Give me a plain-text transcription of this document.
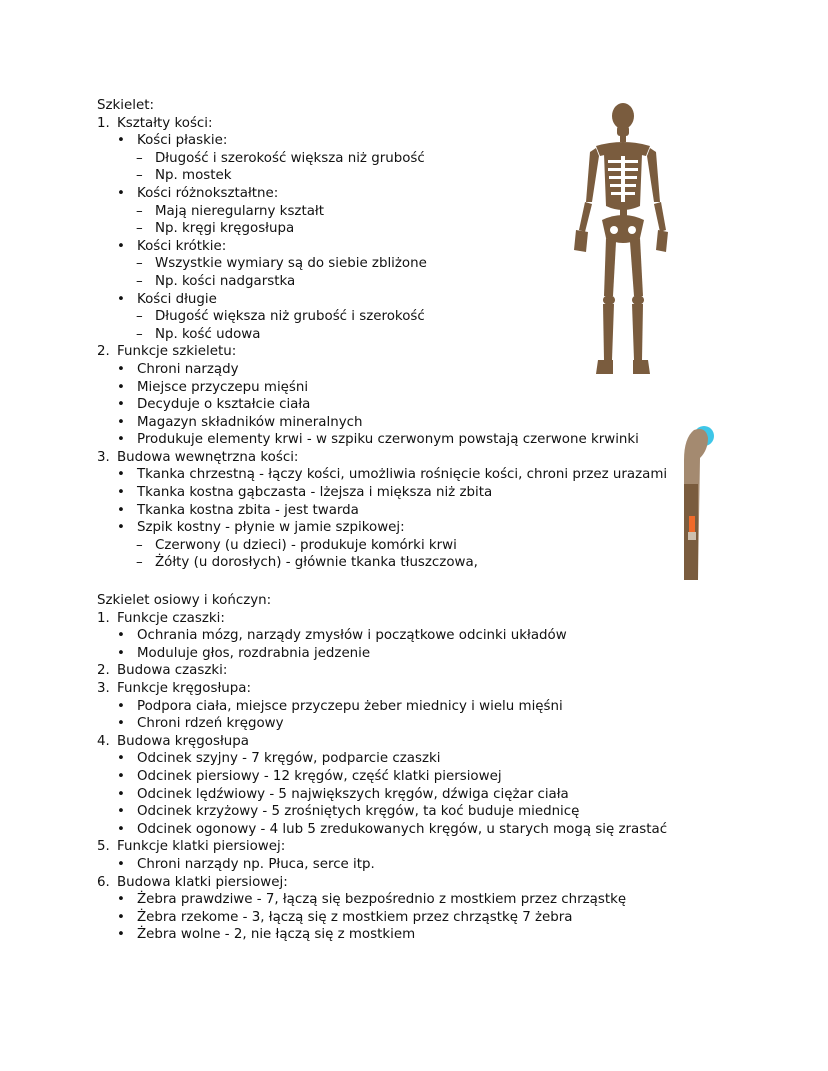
Szkielet:
1. Kształty kości:
• Kości płaskie:
– Długość i szerokość większa niż grubość
– Np. mostek
• Kości różnokształtne:
– Mają nieregularny kształt
– Np. kręgi kręgosłupa
• Kości krótkie:
– Wszystkie wymiary są do siebie zbliżone
– Np. kości nadgarstka
• Kości długie
– Długość większa niż grubość i szerokość
– Np. kość udowa
2. Funkcje szkieletu:
• Chroni narządy
• Miejsce przyczepu mięśni
• Decyduje o kształcie ciała
• Magazyn składników mineralnych
• Produkuje elementy krwi - w szpiku czerwonym powstają czerwone krwinki
3. Budowa wewnętrzna kości:
• Tkanka chrzestną - łączy kości, umożliwia rośnięcie kości, chroni przez urazami
• Tkanka kostna gąbczasta - lżejsza i miększa niż zbita
• Tkanka kostna zbita - jest twarda
• Szpik kostny - płynie w jamie szpikowej:
– Czerwony (u dzieci) - produkuje komórki krwi
– Żółty (u dorosłych) - głównie tkanka tłuszczowa,
Szkielet osiowy i kończyn:
1. Funkcje czaszki:
• Ochrania mózg, narządy zmysłów i początkowe odcinki układów
• Moduluje głos, rozdrabnia jedzenie
2. Budowa czaszki:
3. Funkcje kręgosłupa:
• Podpora ciała, miejsce przyczepu żeber miednicy i wielu mięśni
• Chroni rdzeń kręgowy
4. Budowa kręgosłupa
• Odcinek szyjny - 7 kręgów, podparcie czaszki
• Odcinek piersiowy - 12 kręgów, część klatki piersiowej
• Odcinek lędźwiowy - 5 największych kręgów, dźwiga ciężar ciała
• Odcinek krzyżowy - 5 zrośniętych kręgów, ta koć buduje miednicę
• Odcinek ogonowy - 4 lub 5 zredukowanych kręgów, u starych mogą się zrastać
5. Funkcje klatki piersiowej:
• Chroni narządy np. Płuca, serce itp.
6. Budowa klatki piersiowej:
• Żebra prawdziwe - 7, łączą się bezpośrednio z mostkiem przez chrząstkę
• Żebra rzekome - 3, łączą się z mostkiem przez chrząstkę 7 żebra
• Żebra wolne - 2, nie łączą się z mostkiem
